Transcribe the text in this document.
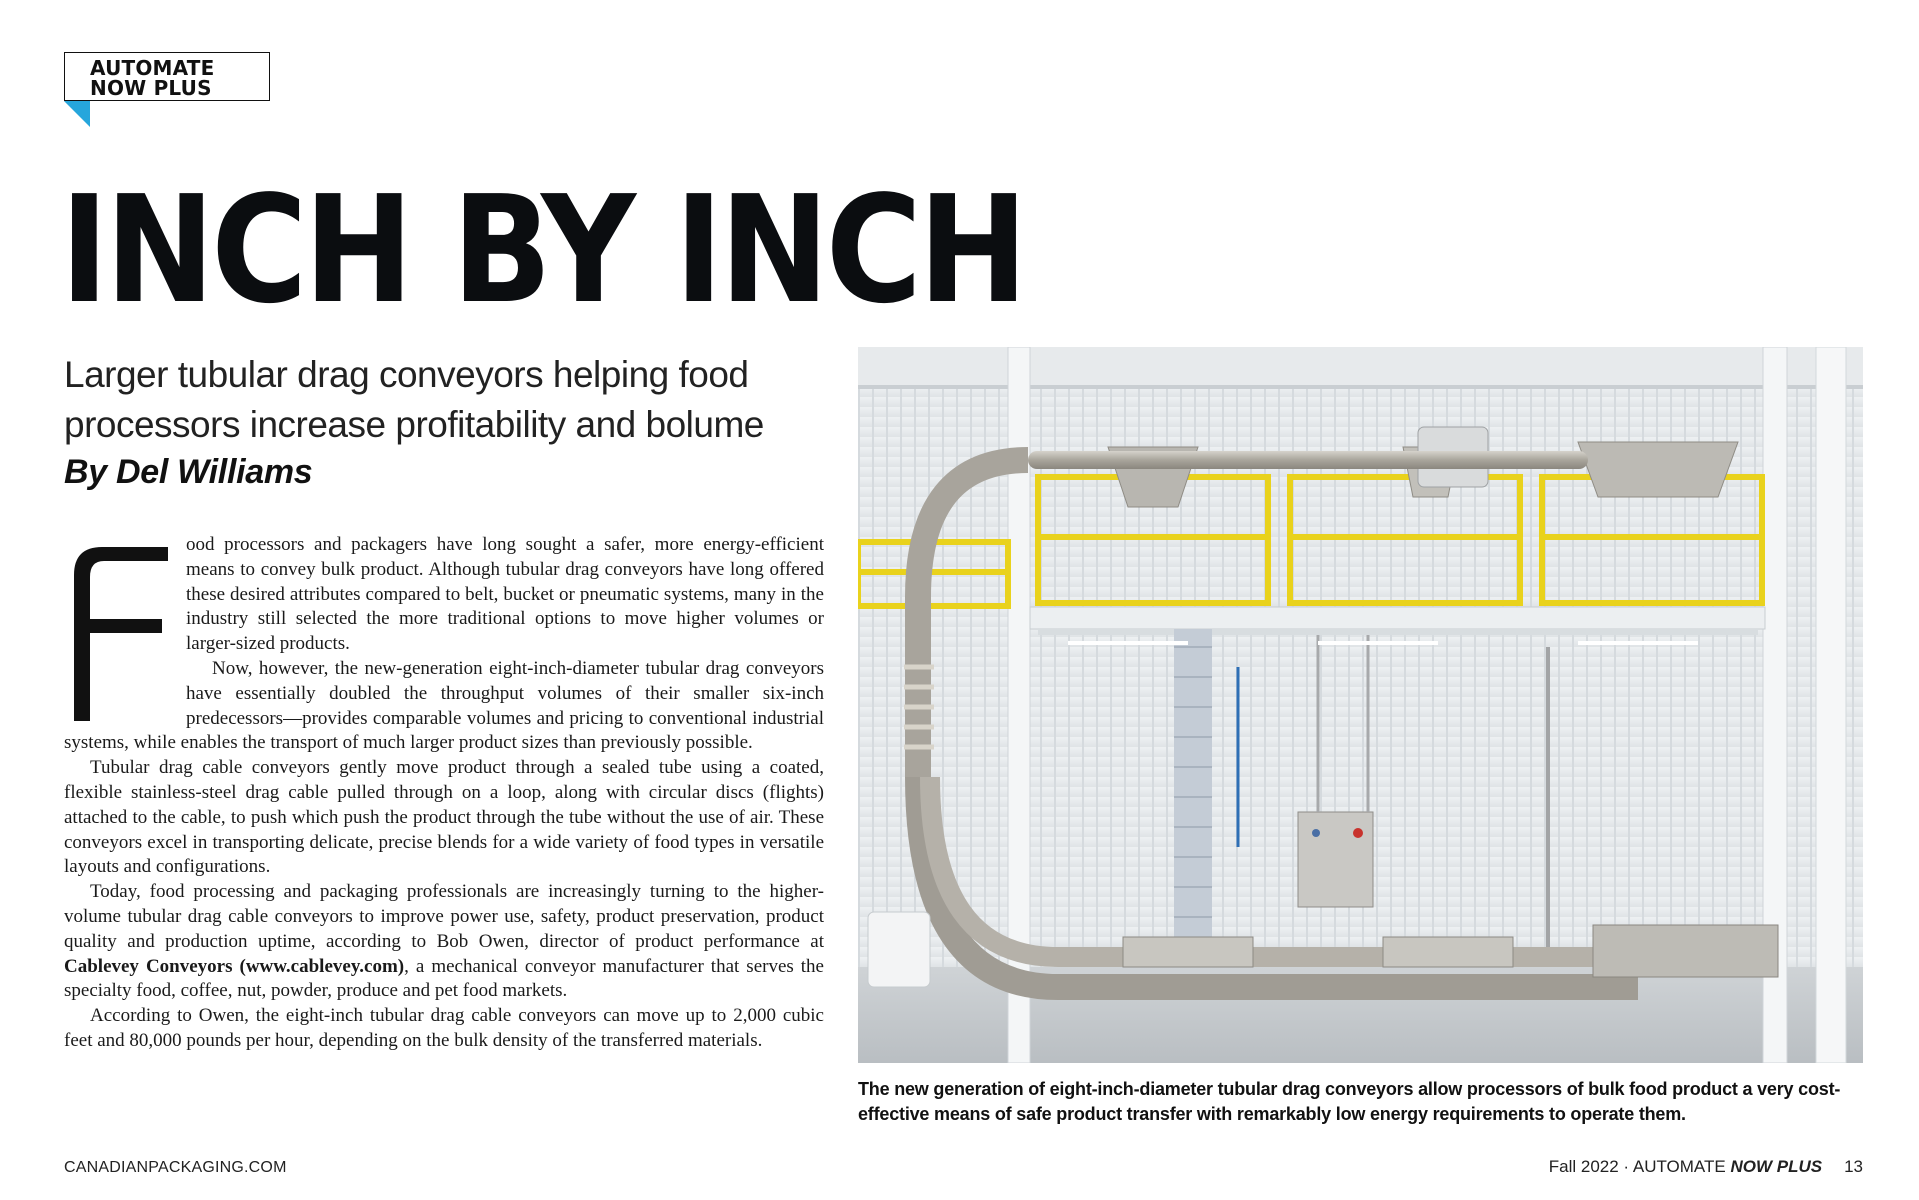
AUTOMATE
NOW PLUS
INCH BY INCH
Larger tubular drag conveyors helping food
processors increase profitability and bolume
By Del Williams

ood processors and packagers have long sought a safer, more energy-efficient means to convey bulk product. Although tubular drag conveyors have long offered these desired attributes compared to belt, bucket or pneumatic systems, many in the industry still selected the more traditional options to move higher volumes or larger-sized products.

Now, however, the new-generation eight-inch-diameter tubular drag conveyors have essentially doubled the throughput volumes of their smaller six-inch predecessors—provides comparable volumes and pricing to conventional industrial systems, while enables the transport of much larger product sizes than previously possible.

Tubular drag cable conveyors gently move product through a sealed tube using a coated, flexible stainless-steel drag cable pulled through on a loop, along with circular discs (flights) attached to the cable, to push which push the product through the tube without the use of air. These conveyors excel in transporting delicate, precise blends for a wide variety of food types in versatile layouts and configurations.

Today, food processing and packaging professionals are increasingly turning to the higher-volume tubular drag cable conveyors to improve power use, safety, product preservation, product quality and production uptime, according to Bob Owen, director of product performance at Cablevey Conveyors (www.cablevey.com), a mechanical conveyor manufacturer that serves the specialty food, coffee, nut, powder, produce and pet food markets.

According to Owen, the eight-inch tubular drag cable conveyors can move up to 2,000 cubic feet and 80,000 pounds per hour, depending on the bulk density of the transferred materials.

The new generation of eight-inch-diameter tubular drag conveyors allow processors of bulk food product a very cost-effective means of safe product transfer with remarkably low energy requirements to operate them.

CANADIANPACKAGING.COM	Fall 2022 · AUTOMATE NOW PLUS 13
